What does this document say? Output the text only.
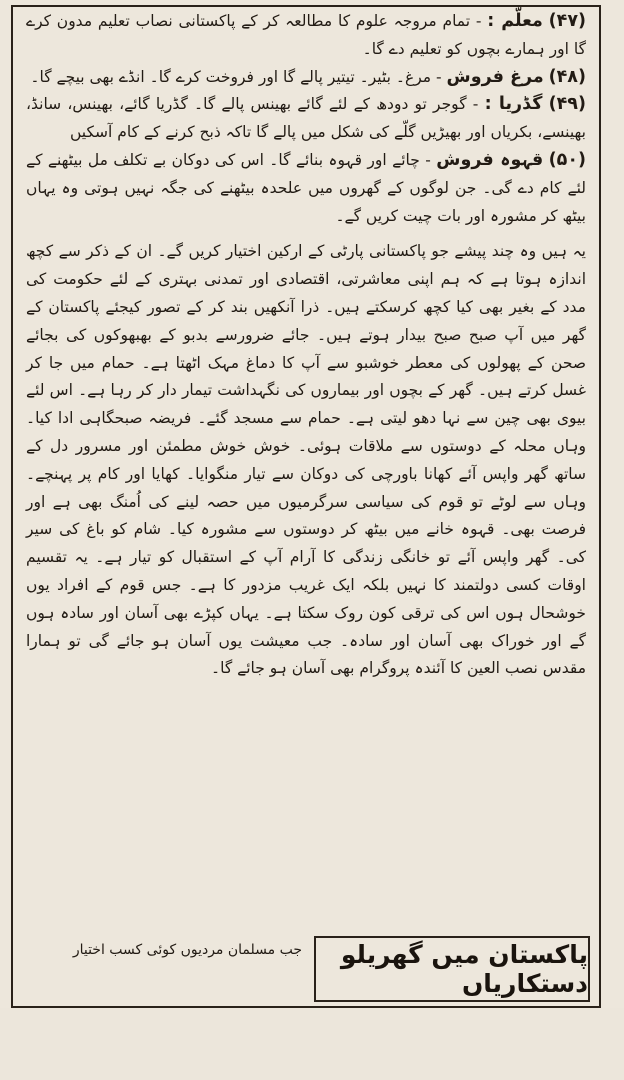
(۴۷) معلّم : - تمام مروجہ علوم کا مطالعہ کر کے پاکستانی نصاب تعلیم مدون کرے گا اور ہمارے بچوں کو تعلیم دے گا۔

(۴۸) مرغ فروش - مرغ۔ بٹیر۔ تیتیر پالے گا اور فروخت کرے گا۔ انڈے بھی بیچے گا۔

(۴۹) گڈریا : - گوجر تو دودھ کے لئے گائے بھینس پالے گا۔ گڈریا گائے، بھینس، سانڈ، بھینسے، بکریاں اور بھیڑیں گلّے کی شکل میں پالے گا تاکہ ذبح کرنے کے کام آسکیں

(۵۰) قہوہ فروش - چائے اور قہوہ بنائے گا۔ اس کی دوکان بے تکلف مل بیٹھنے کے لئے کام دے گی۔ جن لوگوں کے گھروں میں علحدہ بیٹھنے کی جگہ نہیں ہوتی وہ یہاں بیٹھ کر مشورہ اور بات چیت کریں گے۔

یہ ہیں وہ چند پیشے جو پاکستانی پارٹی کے ارکین اختیار کریں گے۔ ان کے ذکر سے کچھ اندازہ ہوتا ہے کہ ہم اپنی معاشرتی، اقتصادی اور تمدنی بہتری کے لئے حکومت کی مدد کے بغیر بھی کیا کچھ کرسکتے ہیں۔ ذرا آنکھیں بند کر کے تصور کیجئے پاکستان کے گھر میں آپ صبح صبح بیدار ہوتے ہیں۔ جائے ضرورسے بدبو کے بھبھوکوں کی بجائے صحن کے پھولوں کی معطر خوشبو سے آپ کا دماغ مہک اٹھتا ہے۔ حمام میں جا کر غسل کرتے ہیں۔ گھر کے بچوں اور بیماروں کی نگہداشت تیمار دار کر رہا ہے۔ اس لئے بیوی بھی چین سے نہا دھو لیتی ہے۔ حمام سے مسجد گئے۔ فریضہ صبحگاہی ادا کیا۔ وہاں محلہ کے دوستوں سے ملاقات ہوئی۔ خوش خوش مطمئن اور مسرور دل کے ساتھ گھر واپس آئے کھانا باورچی کی دوکان سے تیار منگوایا۔ کھایا اور کام پر پہنچے۔ وہاں سے لوٹے تو قوم کی سیاسی سرگرمیوں میں حصہ لینے کی اُمنگ بھی ہے اور فرصت بھی۔ قہوہ خانے میں بیٹھ کر دوستوں سے مشورہ کیا۔ شام کو باغ کی سیر کی۔ گھر واپس آئے تو خانگی زندگی کا آرام آپ کے استقبال کو تیار ہے۔ یہ تقسیم اوقات کسی دولتمند کا نہیں بلکہ ایک غریب مزدور کا ہے۔ جس قوم کے افراد یوں خوشحال ہوں اس کی ترقی کون روک سکتا ہے۔ یہاں کپڑے بھی آسان اور سادہ ہوں گے اور خوراک بھی آسان اور سادہ۔ جب معیشت یوں آسان ہو جائے گی تو ہمارا مقدس نصب العین کا آئندہ پروگرام بھی آسان ہو جائے گا۔

پاکستان میں گھریلو دستکاریاں
جب مسلمان مردیوں کوئی کسب اختیار
